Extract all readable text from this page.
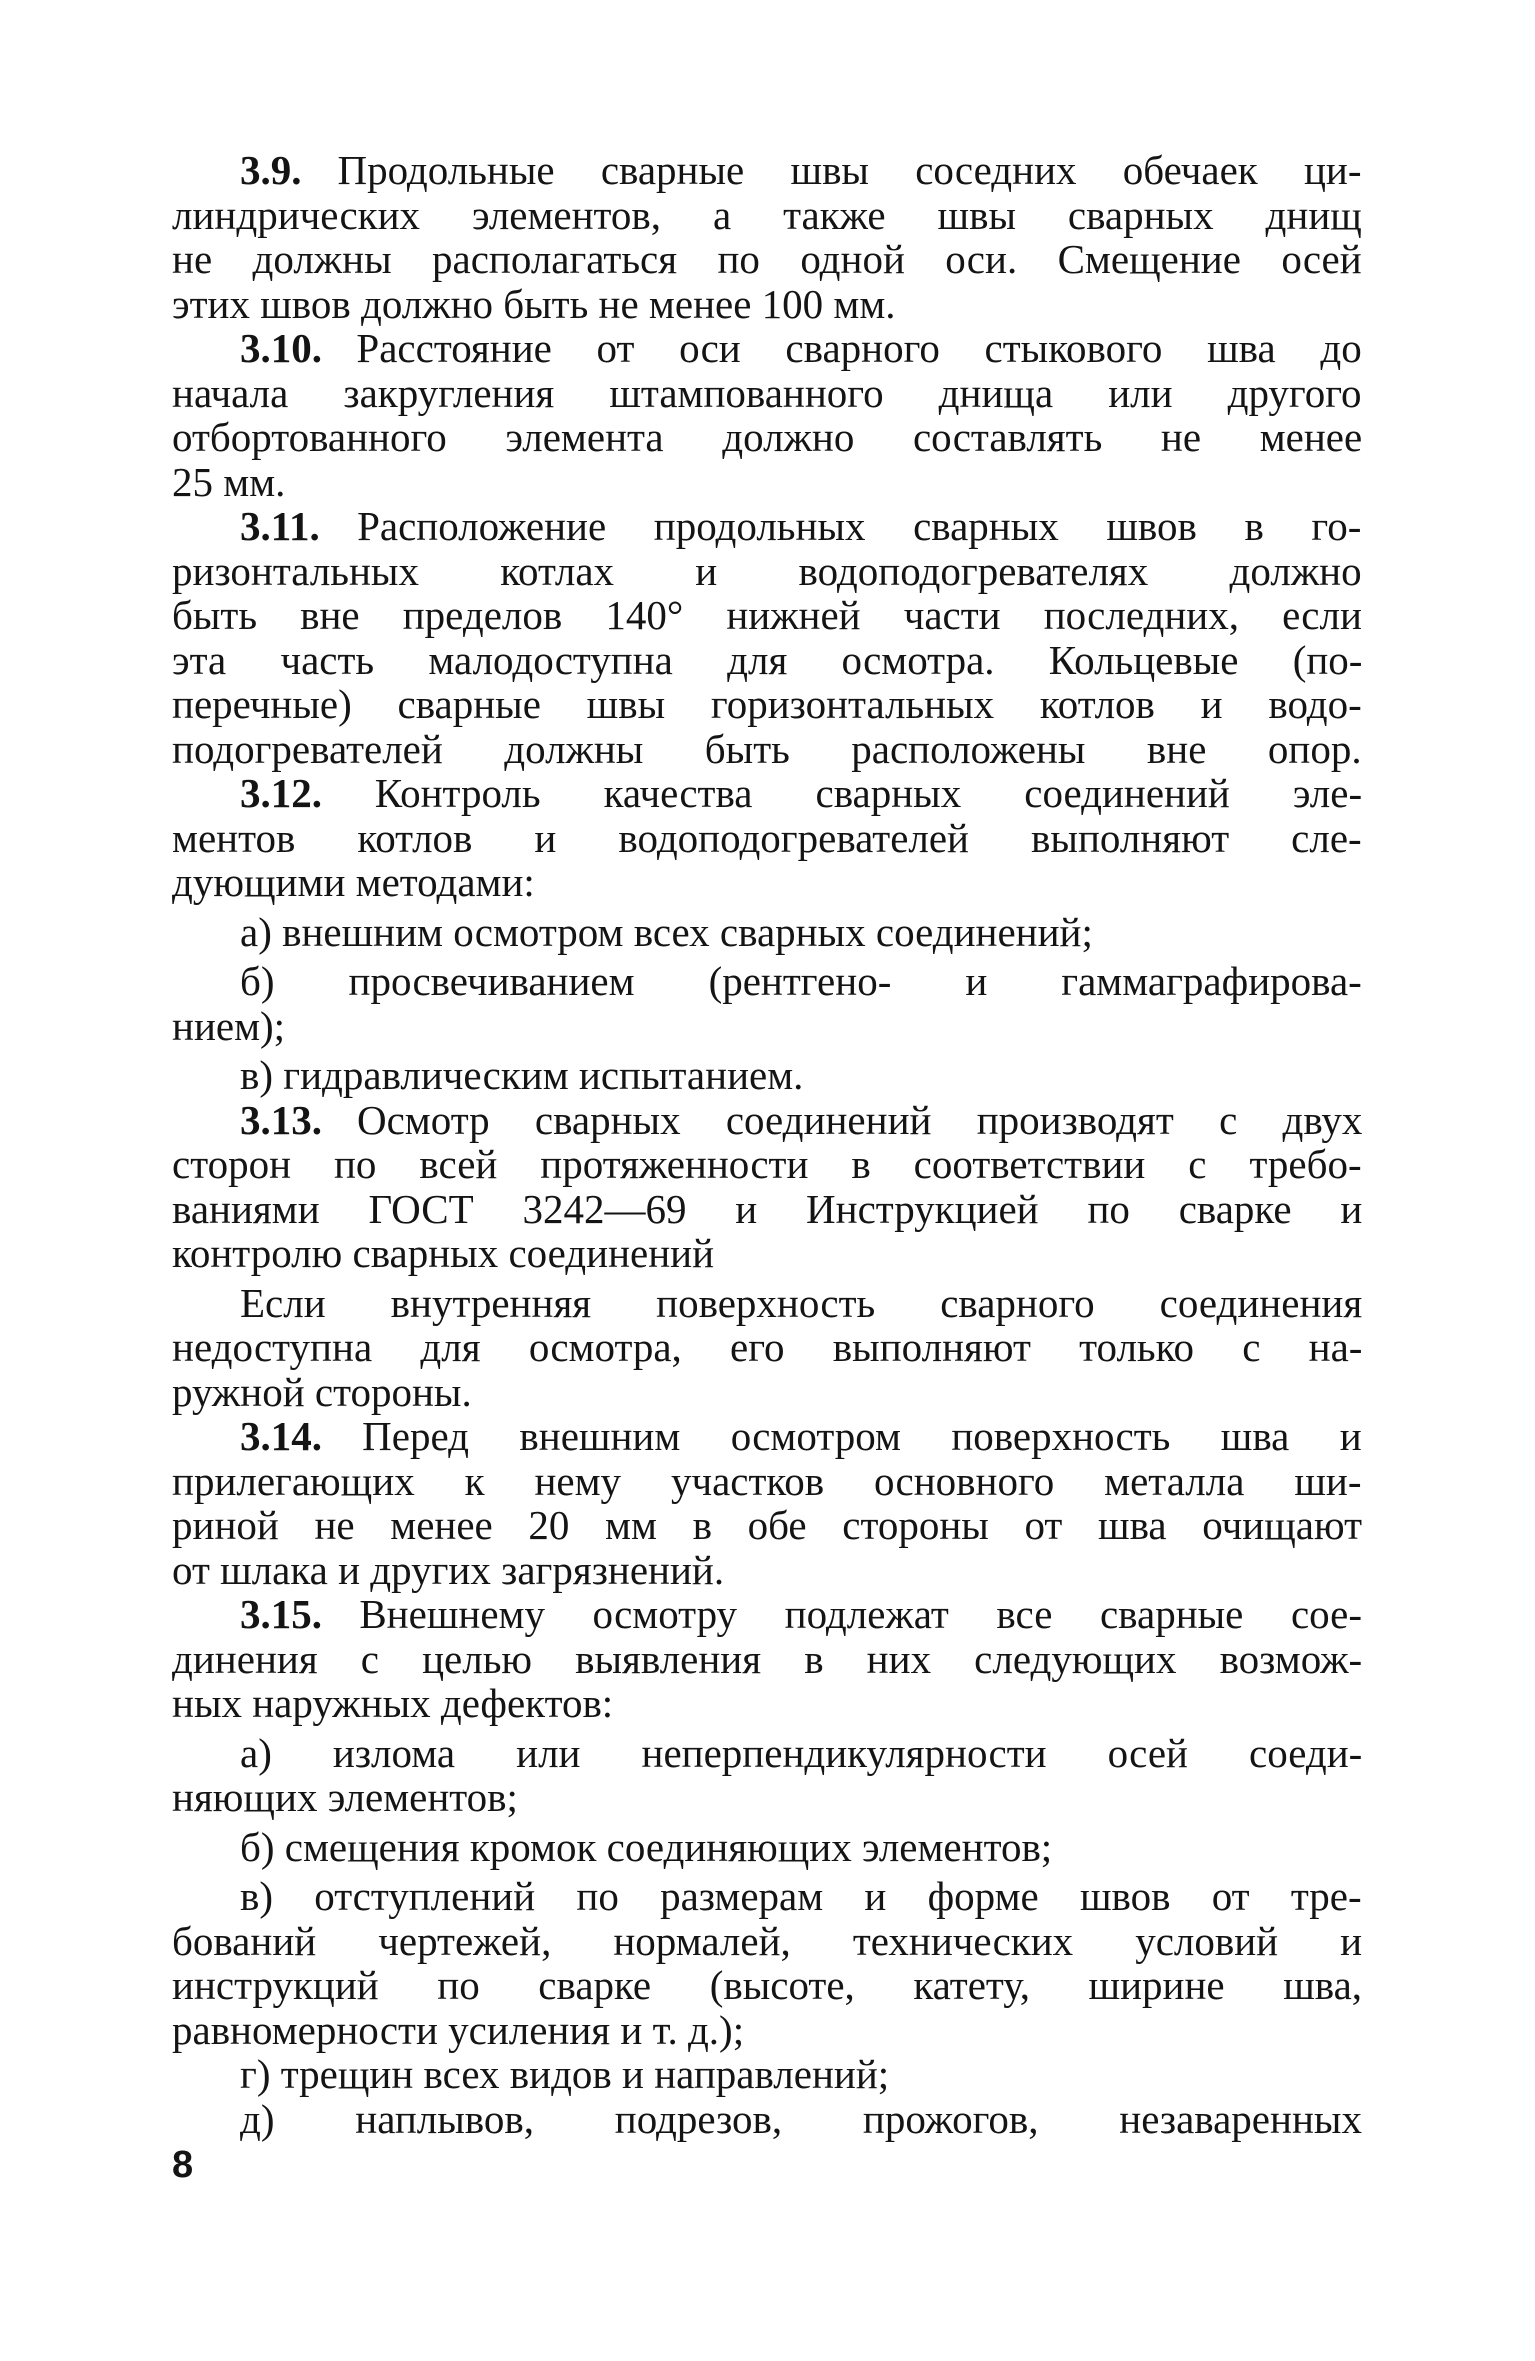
3.9. Продольные сварные швы соседних обечаек ци-
линдрических элементов, а также швы сварных днищ
не должны располагаться по одной оси. Смещение осей
этих швов должно быть не менее 100 мм.
3.10. Расстояние от оси сварного стыкового шва до
начала закругления штампованного днища или другого
отбортованного элемента должно составлять не менее
25 мм.
3.11. Расположение продольных сварных швов в го-
ризонтальных котлах и водоподогревателях должно
быть вне пределов 140° нижней части последних, если
эта часть малодоступна для осмотра. Кольцевые (по-
перечные) сварные швы горизонтальных котлов и водо-
подогревателей должны быть расположены вне опор.
3.12. Контроль качества сварных соединений эле-
ментов котлов и водоподогревателей выполняют сле-
дующими методами:
а) внешним осмотром всех сварных соединений;
б) просвечиванием (рентгено- и гаммаграфирова-
нием);
в) гидравлическим испытанием.
3.13. Осмотр сварных соединений производят с двух
сторон по всей протяженности в соответствии с требо-
ваниями ГОСТ 3242—69 и Инструкцией по сварке и
контролю сварных соединений
Если внутренняя поверхность сварного соединения
недоступна для осмотра, его выполняют только с на-
ружной стороны.
3.14. Перед внешним осмотром поверхность шва и
прилегающих к нему участков основного металла ши-
риной не менее 20 мм в обе стороны от шва очищают
от шлака и других загрязнений.
3.15. Внешнему осмотру подлежат все сварные сое-
динения с целью выявления в них следующих возмож-
ных наружных дефектов:
а) излома или неперпендикулярности осей соеди-
няющих элементов;
б) смещения кромок соединяющих элементов;
в) отступлений по размерам и форме швов от тре-
бований чертежей, нормалей, технических условий и
инструкций по сварке (высоте, катету, ширине шва,
равномерности усиления и т. д.);
г) трещин всех видов и направлений;
д) наплывов, подрезов, прожогов, незаваренных
8
